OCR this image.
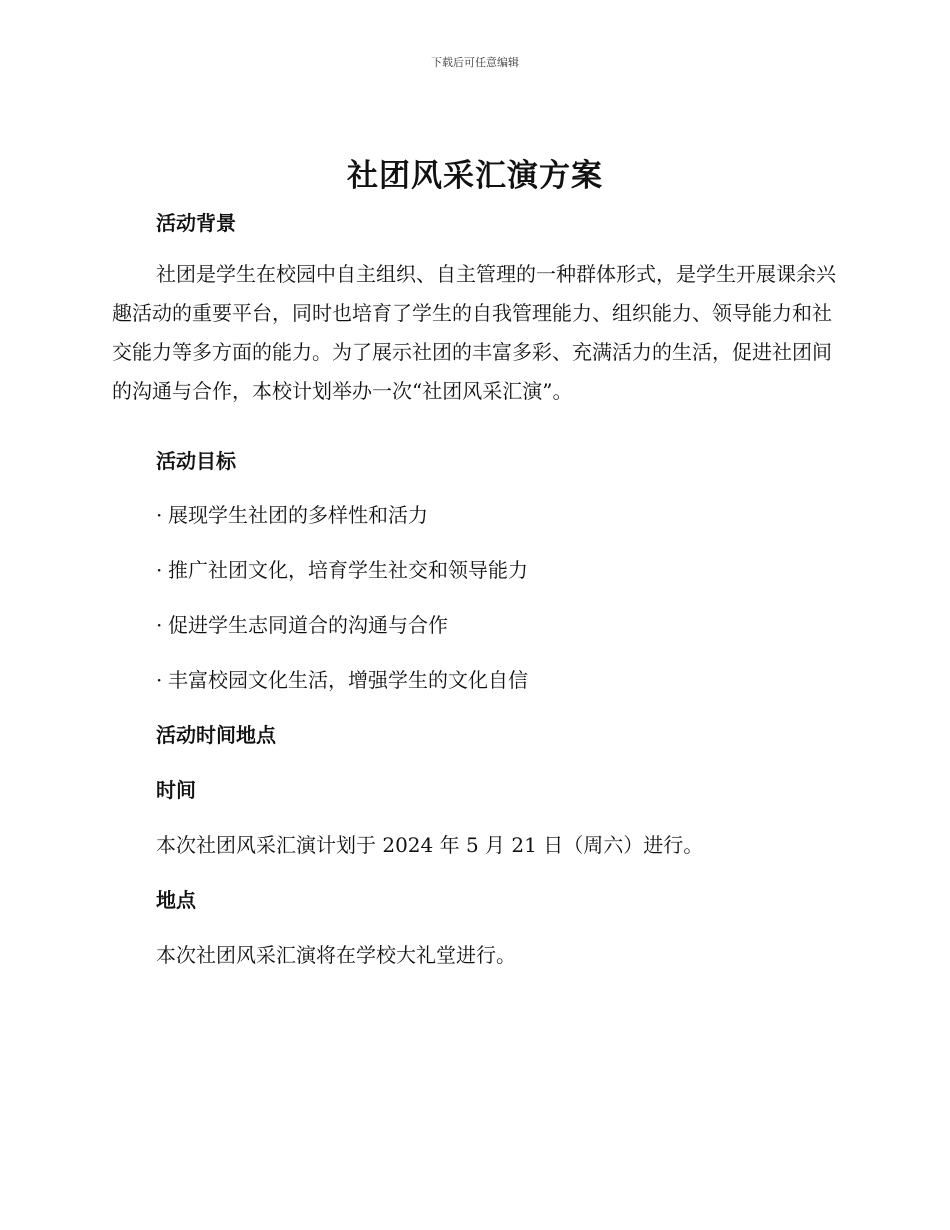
下载后可任意编辑
社团风采汇演方案
活动背景

社团是学生在校园中自主组织、自主管理的一种群体形式，是学生开展课余兴趣活动的重要平台，同时也培育了学生的自我管理能力、组织能力、领导能力和社交能力等多方面的能力。为了展示社团的丰富多彩、充满活力的生活，促进社团间的沟通与合作，本校计划举办一次“社团风采汇演”。

活动目标
· 展现学生社团的多样性和活力
· 推广社团文化，培育学生社交和领导能力
· 促进学生志同道合的沟通与合作
· 丰富校园文化生活，增强学生的文化自信
活动时间地点
时间
本次社团风采汇演计划于 2024 年 5 月 21 日（周六）进行。
地点
本次社团风采汇演将在学校大礼堂进行。
